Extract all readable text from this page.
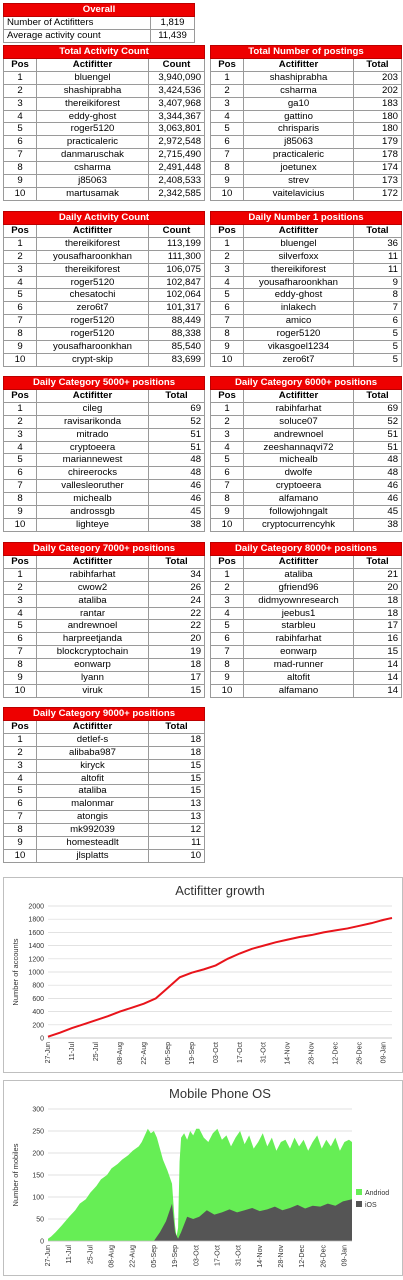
Overall	
Number of Actifitters	1,819
Average activity count	11,439
Total Activity Count		
Pos	Actifitter	Count
1	bluengel	3,940,090
2	shashiprabha	3,424,536
3	thereikiforest	3,407,968
4	eddy-ghost	3,344,367
5	roger5120	3,063,801
6	practicaleric	2,972,548
7	danmaruschak	2,715,490
8	csharma	2,491,448
9	j85063	2,408,533
10	martusamak	2,342,585
Total Number of postings		
Pos	Actifitter	Total
1	shashiprabha	203
2	csharma	202
3	ga10	183
4	gattino	180
5	chrisparis	180
6	j85063	179
7	practicaleric	178
8	joetunex	174
9	strev	173
10	vaitelavicius	172
Daily Activity Count		
Pos	Actifitter	Count
1	thereikiforest	113,199
2	yousafharoonkhan	111,300
3	thereikiforest	106,075
4	roger5120	102,847
5	chesatochi	102,064
6	zero6t7	101,317
7	roger5120	88,449
8	roger5120	88,338
9	yousafharoonkhan	85,540
10	crypt-skip	83,699
Daily Number 1 positions		
Pos	Actifitter	Total
1	bluengel	36
2	silverfoxx	11
3	thereikiforest	11
4	yousafharoonkhan	9
5	eddy-ghost	8
6	inlakech	7
7	amico	6
8	roger5120	5
9	vikasgoel1234	5
10	zero6t7	5
Daily Category 5000+ positions		
Pos	Actifitter	Total
1	cileg	69
2	ravisarikonda	52
3	mitrado	51
4	cryptoeera	51
5	mariannewest	48
6	chireerocks	48
7	vallesleoruther	46
8	michealb	46
9	androssgb	45
10	lighteye	38
Daily Category 6000+ positions		
Pos	Actifitter	Total
1	rabihfarhat	69
2	soluce07	52
3	andrewnoel	51
4	zeeshannaqvi72	51
5	michealb	48
6	dwolfe	48
7	cryptoeera	46
8	alfamano	46
9	followjohngalt	45
10	cryptocurrencyhk	38
Daily Category 7000+ positions		
Pos	Actifitter	Total
1	rabihfarhat	34
2	cwow2	26
3	ataliba	24
4	rantar	22
5	andrewnoel	22
6	harpreetjanda	20
7	blockcryptochain	19
8	eonwarp	18
9	lyann	17
10	viruk	15
Daily Category 8000+ positions		
Pos	Actifitter	Total
1	ataliba	21
2	gfriend96	20
3	didmyownresearch	18
4	jeebus1	18
5	starbleu	17
6	rabihfarhat	16
7	eonwarp	15
8	mad-runner	14
9	altofit	14
10	alfamano	14
Daily Category 9000+ positions		
Pos	Actifitter	Total
1	detlef-s	18
2	alibaba987	18
3	kiryck	15
4	altofit	15
5	ataliba	15
6	malonmar	13
7	atongis	13
8	mk992039	12
9	homesteadlt	11
10	jlsplatts	10
Actifitter growth
0
200
400
600
800
1000
1200
1400
1600
1800
2000
27-Jun 11-Jul 25-Jul 08-Aug 22-Aug 05-Sep 19-Sep 03-Oct 17-Oct 31-Oct 14-Nov 28-Nov 12-Dec 26-Dec 09-Jan
Number of accounts
Mobile Phone OS
0
50
100
150
200
250
300
27-Jun 11-Jul 25-Jul 08-Aug 22-Aug 05-Sep 19-Sep 03-Oct 17-Oct 31-Oct 14-Nov 28-Nov 12-Dec 26-Dec 09-Jan
Number of mobiles	Andriod
iOS
